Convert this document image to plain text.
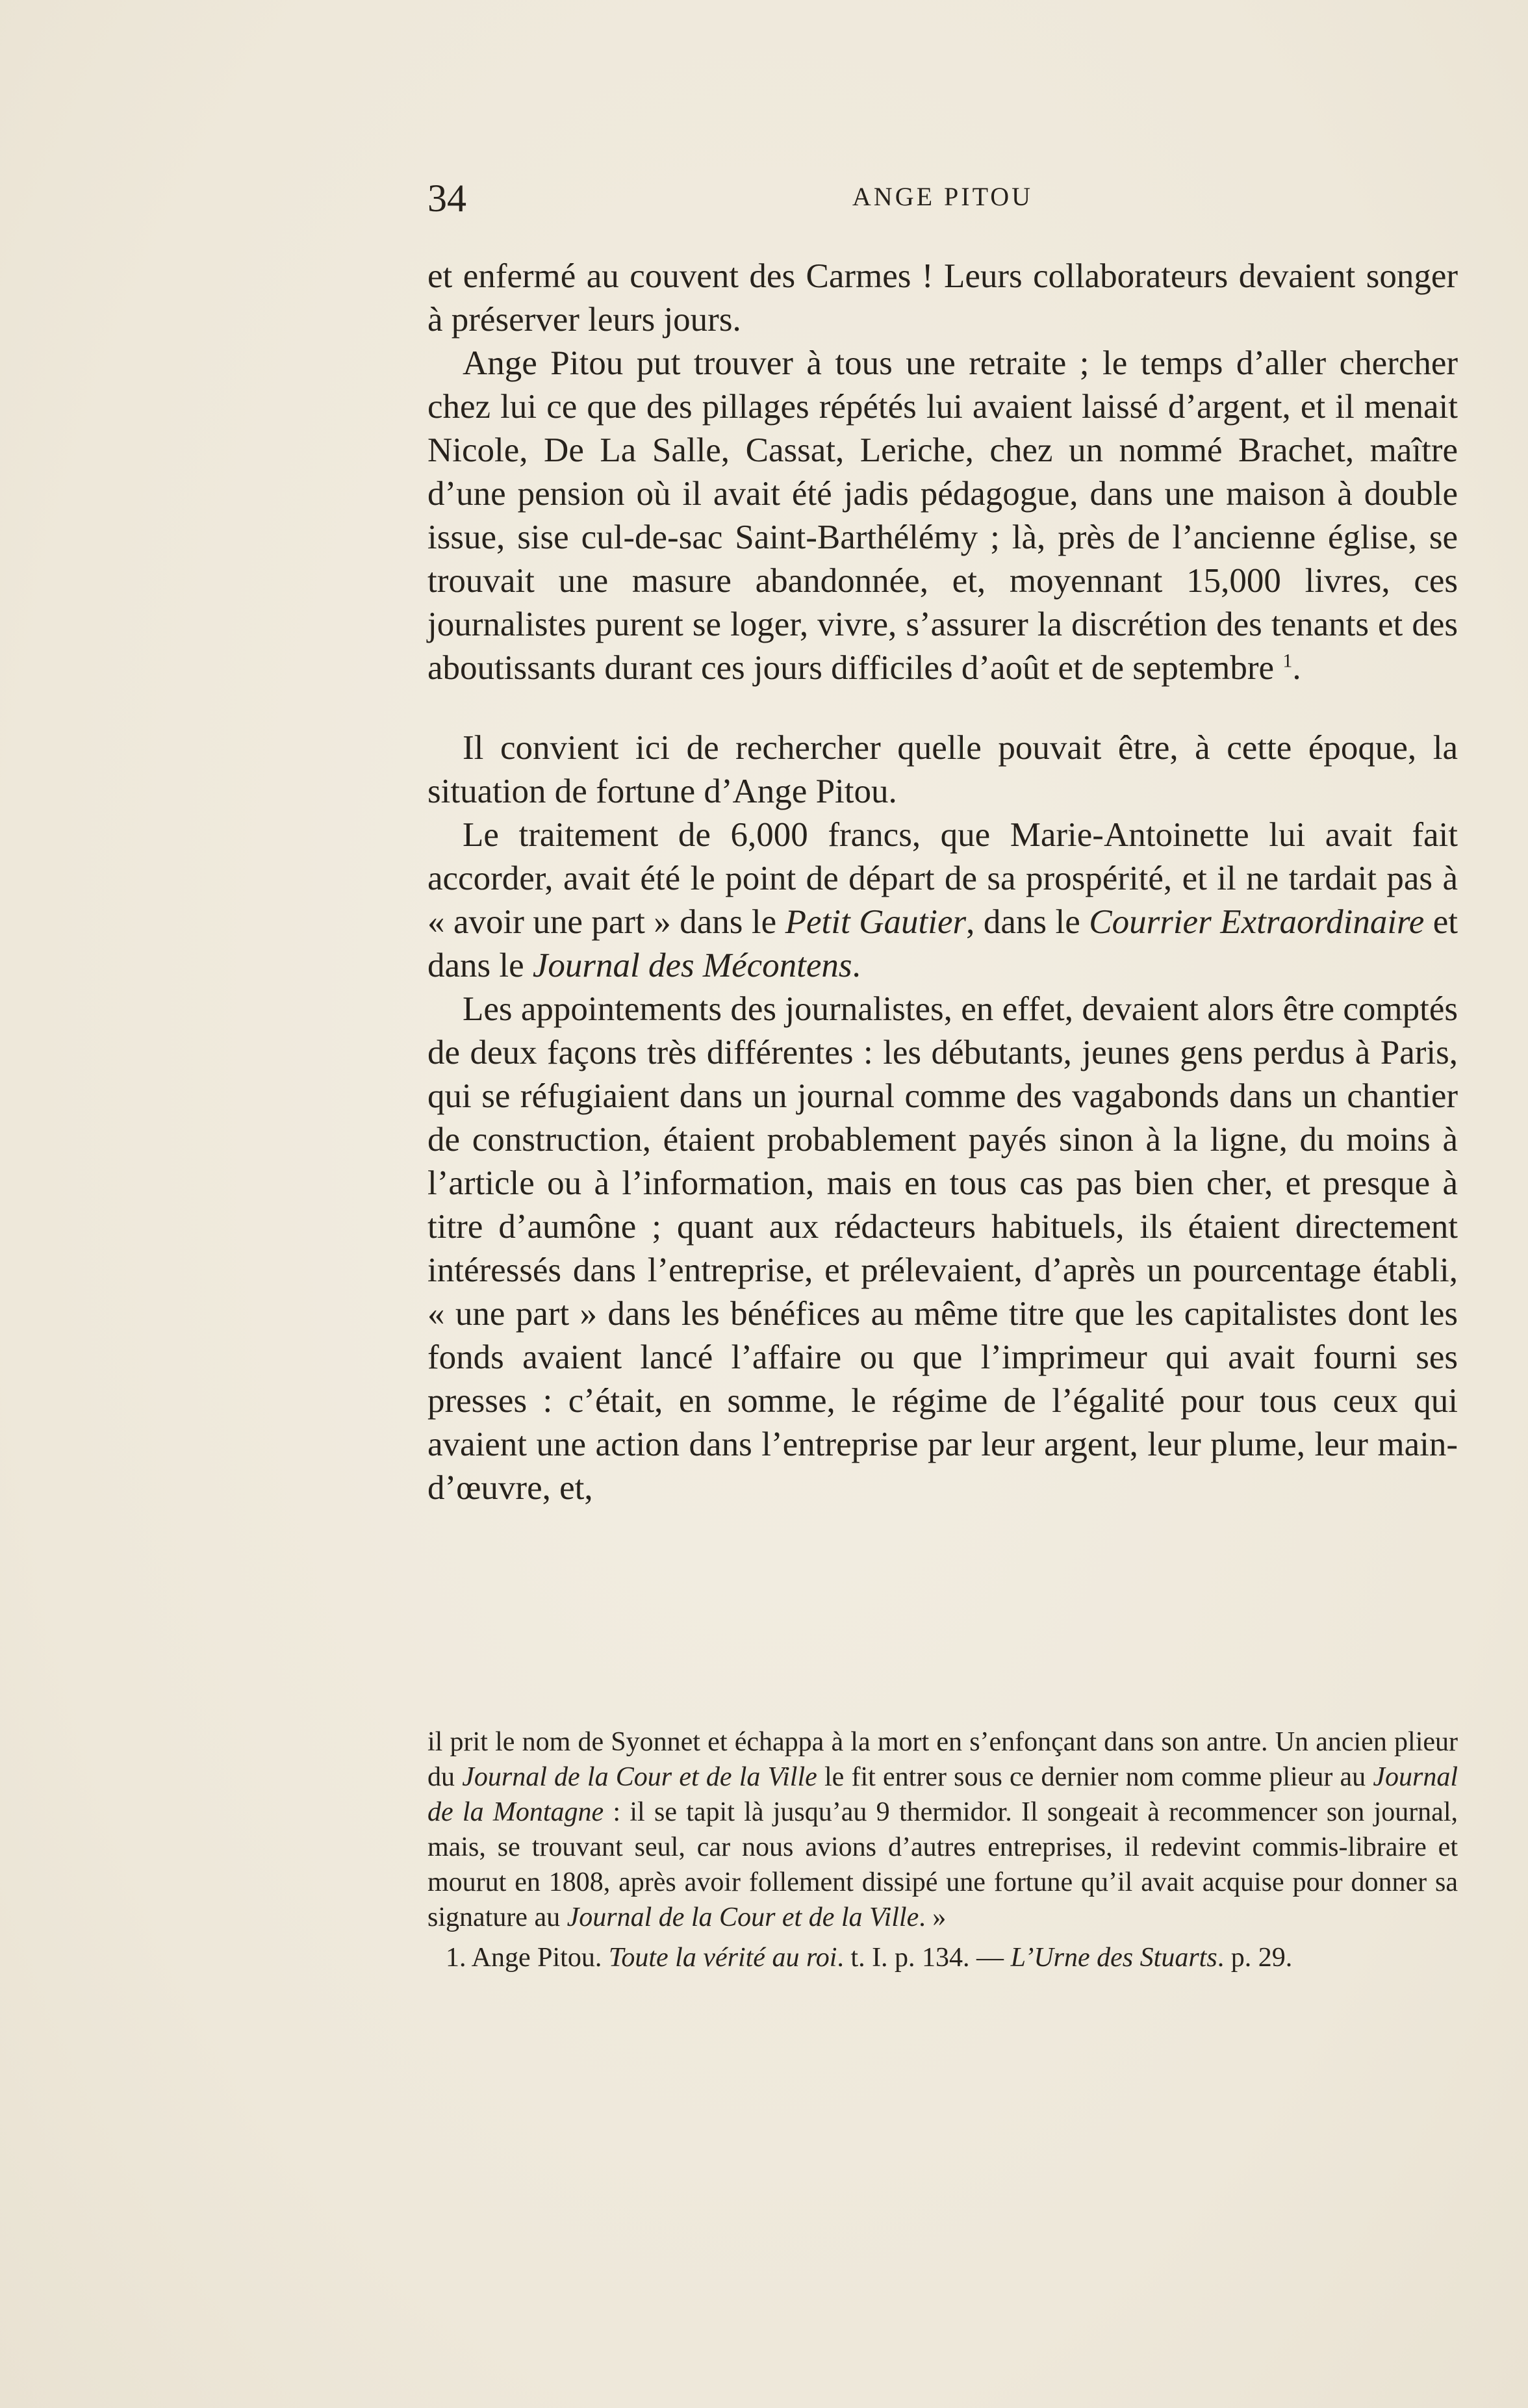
34	ANGE PITOU

et enfermé au couvent des Carmes ! Leurs collaborateurs devaient songer à préserver leurs jours.

Ange Pitou put trouver à tous une retraite ; le temps d’aller chercher chez lui ce que des pillages répétés lui avaient laissé d’argent, et il menait Nicole, De La Salle, Cassat, Leriche, chez un nommé Brachet, maître d’une pension où il avait été jadis pédagogue, dans une maison à double issue, sise cul-de-sac Saint-Barthélémy ; là, près de l’ancienne église, se trouvait une masure abandonnée, et, moyennant 15,000 livres, ces journalistes purent se loger, vivre, s’assurer la discrétion des tenants et des aboutissants durant ces jours difficiles d’août et de septembre $^1$.

Il convient ici de rechercher quelle pouvait être, à cette époque, la situation de fortune d’Ange Pitou.

Le traitement de 6,000 francs, que Marie-Antoinette lui avait fait accorder, avait été le point de départ de sa prospérité, et il ne tardait pas à « avoir une part » dans le Petit Gautier, dans le Courrier Extraordinaire et dans le Journal des Mécontens.

Les appointements des journalistes, en effet, devaient alors être comptés de deux façons très différentes : les débutants, jeunes gens perdus à Paris, qui se réfugiaient dans un journal comme des vagabonds dans un chantier de construction, étaient probablement payés sinon à la ligne, du moins à l’article ou à l’information, mais en tous cas pas bien cher, et presque à titre d’aumône ; quant aux rédacteurs habituels, ils étaient directement intéressés dans l’entreprise, et prélevaient, d’après un pourcentage établi, « une part » dans les bénéfices au même titre que les capitalistes dont les fonds avaient lancé l’affaire ou que l’imprimeur qui avait fourni ses presses : c’était, en somme, le régime de l’égalité pour tous ceux qui avaient une action dans l’entreprise par leur argent, leur plume, leur main-d’œuvre, et,

il prit le nom de Syonnet et échappa à la mort en s’enfonçant dans son antre. Un ancien plieur du Journal de la Cour et de la Ville le fit entrer sous ce dernier nom comme plieur au Journal de la Montagne : il se tapit là jusqu’au 9 thermidor. Il songeait à recommencer son journal, mais, se trouvant seul, car nous avions d’autres entreprises, il redevint commis-libraire et mourut en 1808, après avoir follement dissipé une fortune qu’il avait acquise pour donner sa signature au Journal de la Cour et de la Ville. »

1. Ange Pitou. Toute la vérité au roi. t. I. p. 134. — L’Urne des Stuarts. p. 29.
